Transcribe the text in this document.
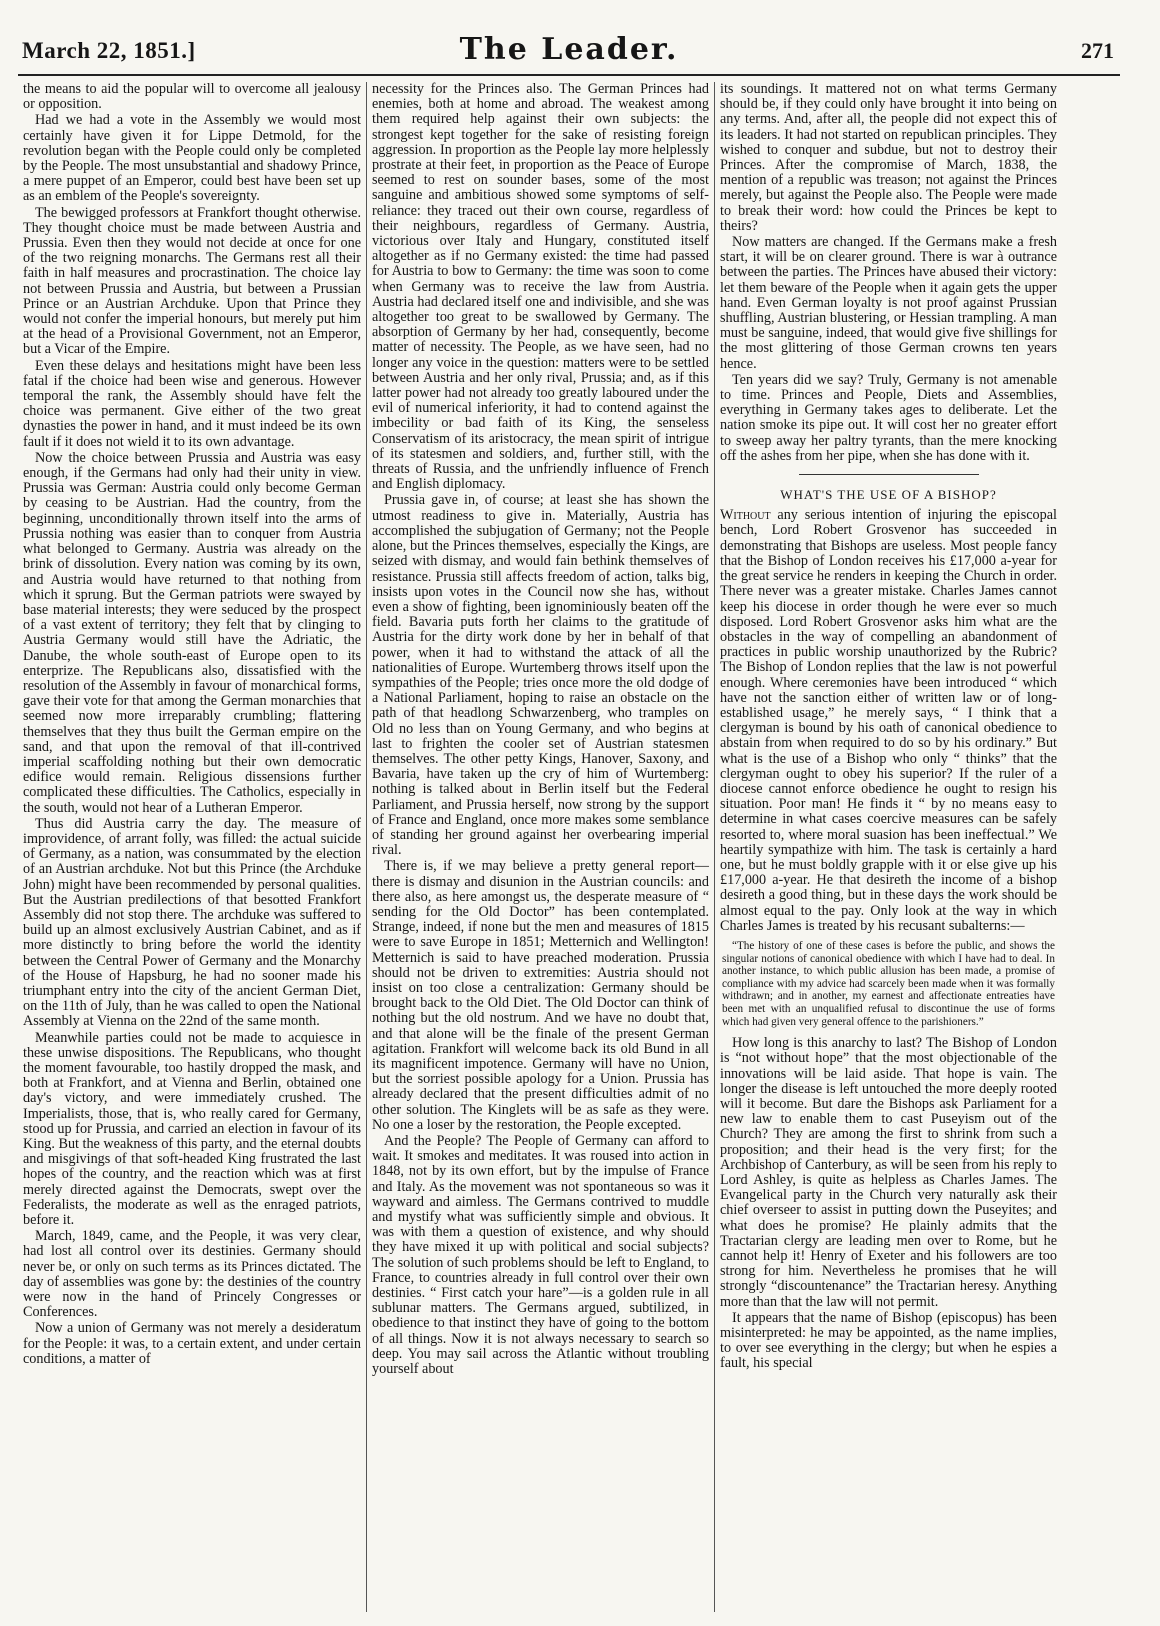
March 22, 1851.]	The Leader.	271

the means to aid the popular will to overcome all jealousy or opposition.

Had we had a vote in the Assembly we would most certainly have given it for Lippe Detmold, for the revolution began with the People could only be completed by the People. The most unsubstantial and shadowy Prince, a mere puppet of an Emperor, could best have been set up as an emblem of the People's sovereignty.

The bewigged professors at Frankfort thought otherwise. They thought choice must be made between Austria and Prussia. Even then they would not decide at once for one of the two reigning monarchs. The Germans rest all their faith in half measures and procrastination. The choice lay not between Prussia and Austria, but between a Prussian Prince or an Austrian Archduke. Upon that Prince they would not confer the imperial honours, but merely put him at the head of a Provisional Government, not an Emperor, but a Vicar of the Empire.

Even these delays and hesitations might have been less fatal if the choice had been wise and generous. However temporal the rank, the Assembly should have felt the choice was permanent. Give either of the two great dynasties the power in hand, and it must indeed be its own fault if it does not wield it to its own advantage.

Now the choice between Prussia and Austria was easy enough, if the Germans had only had their unity in view. Prussia was German: Austria could only become German by ceasing to be Austrian. Had the country, from the beginning, unconditionally thrown itself into the arms of Prussia nothing was easier than to conquer from Austria what belonged to Germany. Austria was already on the brink of dissolution. Every nation was coming by its own, and Austria would have returned to that nothing from which it sprung. But the German patriots were swayed by base material interests; they were seduced by the prospect of a vast extent of territory; they felt that by clinging to Austria Germany would still have the Adriatic, the Danube, the whole south-east of Europe open to its enterprize. The Republicans also, dissatisfied with the resolution of the Assembly in favour of monarchical forms, gave their vote for that among the German monarchies that seemed now more irreparably crumbling; flattering themselves that they thus built the German empire on the sand, and that upon the removal of that ill-contrived imperial scaffolding nothing but their own democratic edifice would remain. Religious dissensions further complicated these difficulties. The Catholics, especially in the south, would not hear of a Lutheran Emperor.

Thus did Austria carry the day. The measure of improvidence, of arrant folly, was filled: the actual suicide of Germany, as a nation, was consummated by the election of an Austrian archduke. Not but this Prince (the Archduke John) might have been recommended by personal qualities. But the Austrian predilections of that besotted Frankfort Assembly did not stop there. The archduke was suffered to build up an almost exclusively Austrian Cabinet, and as if more distinctly to bring before the world the identity between the Central Power of Germany and the Monarchy of the House of Hapsburg, he had no sooner made his triumphant entry into the city of the ancient German Diet, on the 11th of July, than he was called to open the National Assembly at Vienna on the 22nd of the same month.

Meanwhile parties could not be made to acquiesce in these unwise dispositions. The Republicans, who thought the moment favourable, too hastily dropped the mask, and both at Frankfort, and at Vienna and Berlin, obtained one day's victory, and were immediately crushed. The Imperialists, those, that is, who really cared for Germany, stood up for Prussia, and carried an election in favour of its King. But the weakness of this party, and the eternal doubts and misgivings of that soft-headed King frustrated the last hopes of the country, and the reaction which was at first merely directed against the Democrats, swept over the Federalists, the moderate as well as the enraged patriots, before it.

March, 1849, came, and the People, it was very clear, had lost all control over its destinies. Germany should never be, or only on such terms as its Princes dictated. The day of assemblies was gone by: the destinies of the country were now in the hand of Princely Congresses or Conferences.

Now a union of Germany was not merely a desideratum for the People: it was, to a certain extent, and under certain conditions, a matter of

necessity for the Princes also. The German Princes had enemies, both at home and abroad. The weakest among them required help against their own subjects: the strongest kept together for the sake of resisting foreign aggression. In proportion as the People lay more helplessly prostrate at their feet, in proportion as the Peace of Europe seemed to rest on sounder bases, some of the most sanguine and ambitious showed some symptoms of self-reliance: they traced out their own course, regardless of their neighbours, regardless of Germany. Austria, victorious over Italy and Hungary, constituted itself altogether as if no Germany existed: the time had passed for Austria to bow to Germany: the time was soon to come when Germany was to receive the law from Austria. Austria had declared itself one and indivisible, and she was altogether too great to be swallowed by Germany. The absorption of Germany by her had, consequently, become matter of necessity. The People, as we have seen, had no longer any voice in the question: matters were to be settled between Austria and her only rival, Prussia; and, as if this latter power had not already too greatly laboured under the evil of numerical inferiority, it had to contend against the imbecility or bad faith of its King, the senseless Conservatism of its aristocracy, the mean spirit of intrigue of its statesmen and soldiers, and, further still, with the threats of Russia, and the unfriendly influence of French and English diplomacy.

Prussia gave in, of course; at least she has shown the utmost readiness to give in. Materially, Austria has accomplished the subjugation of Germany; not the People alone, but the Princes themselves, especially the Kings, are seized with dismay, and would fain bethink themselves of resistance. Prussia still affects freedom of action, talks big, insists upon votes in the Council now she has, without even a show of fighting, been ignominiously beaten off the field. Bavaria puts forth her claims to the gratitude of Austria for the dirty work done by her in behalf of that power, when it had to withstand the attack of all the nationalities of Europe. Wurtemberg throws itself upon the sympathies of the People; tries once more the old dodge of a National Parliament, hoping to raise an obstacle on the path of that headlong Schwarzenberg, who tramples on Old no less than on Young Germany, and who begins at last to frighten the cooler set of Austrian statesmen themselves. The other petty Kings, Hanover, Saxony, and Bavaria, have taken up the cry of him of Wurtemberg: nothing is talked about in Berlin itself but the Federal Parliament, and Prussia herself, now strong by the support of France and England, once more makes some semblance of standing her ground against her overbearing imperial rival.

There is, if we may believe a pretty general report—there is dismay and disunion in the Austrian councils: and there also, as here amongst us, the desperate measure of “ sending for the Old Doctor” has been contemplated. Strange, indeed, if none but the men and measures of 1815 were to save Europe in 1851; Metternich and Wellington! Metternich is said to have preached moderation. Prussia should not be driven to extremities: Austria should not insist on too close a centralization: Germany should be brought back to the Old Diet. The Old Doctor can think of nothing but the old nostrum. And we have no doubt that, and that alone will be the finale of the present German agitation. Frankfort will welcome back its old Bund in all its magnificent impotence. Germany will have no Union, but the sorriest possible apology for a Union. Prussia has already declared that the present difficulties admit of no other solution. The Kinglets will be as safe as they were. No one a loser by the restoration, the People excepted.

And the People? The People of Germany can afford to wait. It smokes and meditates. It was roused into action in 1848, not by its own effort, but by the impulse of France and Italy. As the movement was not spontaneous so was it wayward and aimless. The Germans contrived to muddle and mystify what was sufficiently simple and obvious. It was with them a question of existence, and why should they have mixed it up with political and social subjects? The solution of such problems should be left to England, to France, to countries already in full control over their own destinies. “ First catch your hare”—is a golden rule in all sublunar matters. The Germans argued, subtilized, in obedience to that instinct they have of going to the bottom of all things. Now it is not always necessary to search so deep. You may sail across the Atlantic without troubling yourself about

its soundings. It mattered not on what terms Germany should be, if they could only have brought it into being on any terms. And, after all, the people did not expect this of its leaders. It had not started on republican principles. They wished to conquer and subdue, but not to destroy their Princes. After the compromise of March, 1838, the mention of a republic was treason; not against the Princes merely, but against the People also. The People were made to break their word: how could the Princes be kept to theirs?

Now matters are changed. If the Germans make a fresh start, it will be on clearer ground. There is war à outrance between the parties. The Princes have abused their victory: let them beware of the People when it again gets the upper hand. Even German loyalty is not proof against Prussian shuffling, Austrian blustering, or Hessian trampling. A man must be sanguine, indeed, that would give five shillings for the most glittering of those German crowns ten years hence.

Ten years did we say? Truly, Germany is not amenable to time. Princes and People, Diets and Assemblies, everything in Germany takes ages to deliberate. Let the nation smoke its pipe out. It will cost her no greater effort to sweep away her paltry tyrants, than the mere knocking off the ashes from her pipe, when she has done with it.

WHAT'S THE USE OF A BISHOP?

Without any serious intention of injuring the episcopal bench, Lord Robert Grosvenor has succeeded in demonstrating that Bishops are useless. Most people fancy that the Bishop of London receives his £17,000 a-year for the great service he renders in keeping the Church in order. There never was a greater mistake. Charles James cannot keep his diocese in order though he were ever so much disposed. Lord Robert Grosvenor asks him what are the obstacles in the way of compelling an abandonment of practices in public worship unauthorized by the Rubric? The Bishop of London replies that the law is not powerful enough. Where ceremonies have been introduced “ which have not the sanction either of written law or of long-established usage,” he merely says, “ I think that a clergyman is bound by his oath of canonical obedience to abstain from when required to do so by his ordinary.” But what is the use of a Bishop who only “ thinks” that the clergyman ought to obey his superior? If the ruler of a diocese cannot enforce obedience he ought to resign his situation. Poor man! He finds it “ by no means easy to determine in what cases coercive measures can be safely resorted to, where moral suasion has been ineffectual.” We heartily sympathize with him. The task is certainly a hard one, but he must boldly grapple with it or else give up his £17,000 a-year. He that desireth the income of a bishop desireth a good thing, but in these days the work should be almost equal to the pay. Only look at the way in which Charles James is treated by his recusant subalterns:—

“The history of one of these cases is before the public, and shows the singular notions of canonical obedience with which I have had to deal. In another instance, to which public allusion has been made, a promise of compliance with my advice had scarcely been made when it was formally withdrawn; and in another, my earnest and affectionate entreaties have been met with an unqualified refusal to discontinue the use of forms which had given very general offence to the parishioners.”

How long is this anarchy to last? The Bishop of London is “not without hope” that the most objectionable of the innovations will be laid aside. That hope is vain. The longer the disease is left untouched the more deeply rooted will it become. But dare the Bishops ask Parliament for a new law to enable them to cast Puseyism out of the Church? They are among the first to shrink from such a proposition; and their head is the very first; for the Archbishop of Canterbury, as will be seen from his reply to Lord Ashley, is quite as helpless as Charles James. The Evangelical party in the Church very naturally ask their chief overseer to assist in putting down the Puseyites; and what does he promise? He plainly admits that the Tractarian clergy are leading men over to Rome, but he cannot help it! Henry of Exeter and his followers are too strong for him. Nevertheless he promises that he will strongly “discountenance” the Tractarian heresy. Anything more than that the law will not permit.

It appears that the name of Bishop (episcopus) has been misinterpreted: he may be appointed, as the name implies, to over see everything in the clergy; but when he espies a fault, his special
